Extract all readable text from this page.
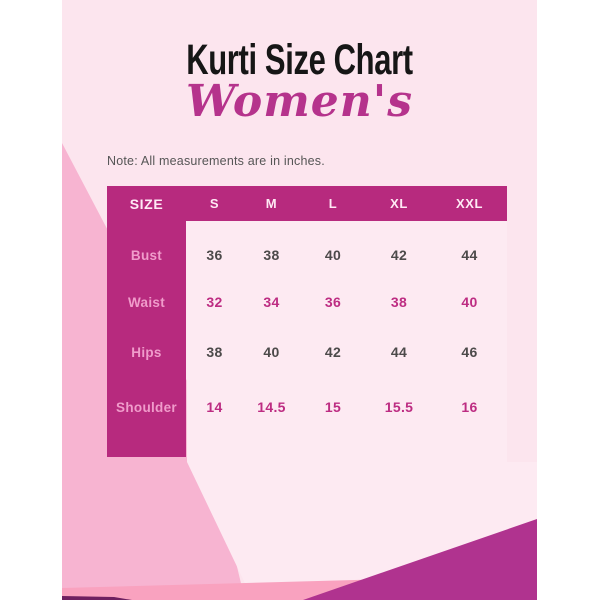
Kurti Size Chart
Women's
Note: All measurements are in inches.
SIZE	S	M	L	XL	XXL
Bust	36	38	40	42	44
Waist	32	34	36	38	40
Hips	38	40	42	44	46
Shoulder	14	14.5	15	15.5	16
